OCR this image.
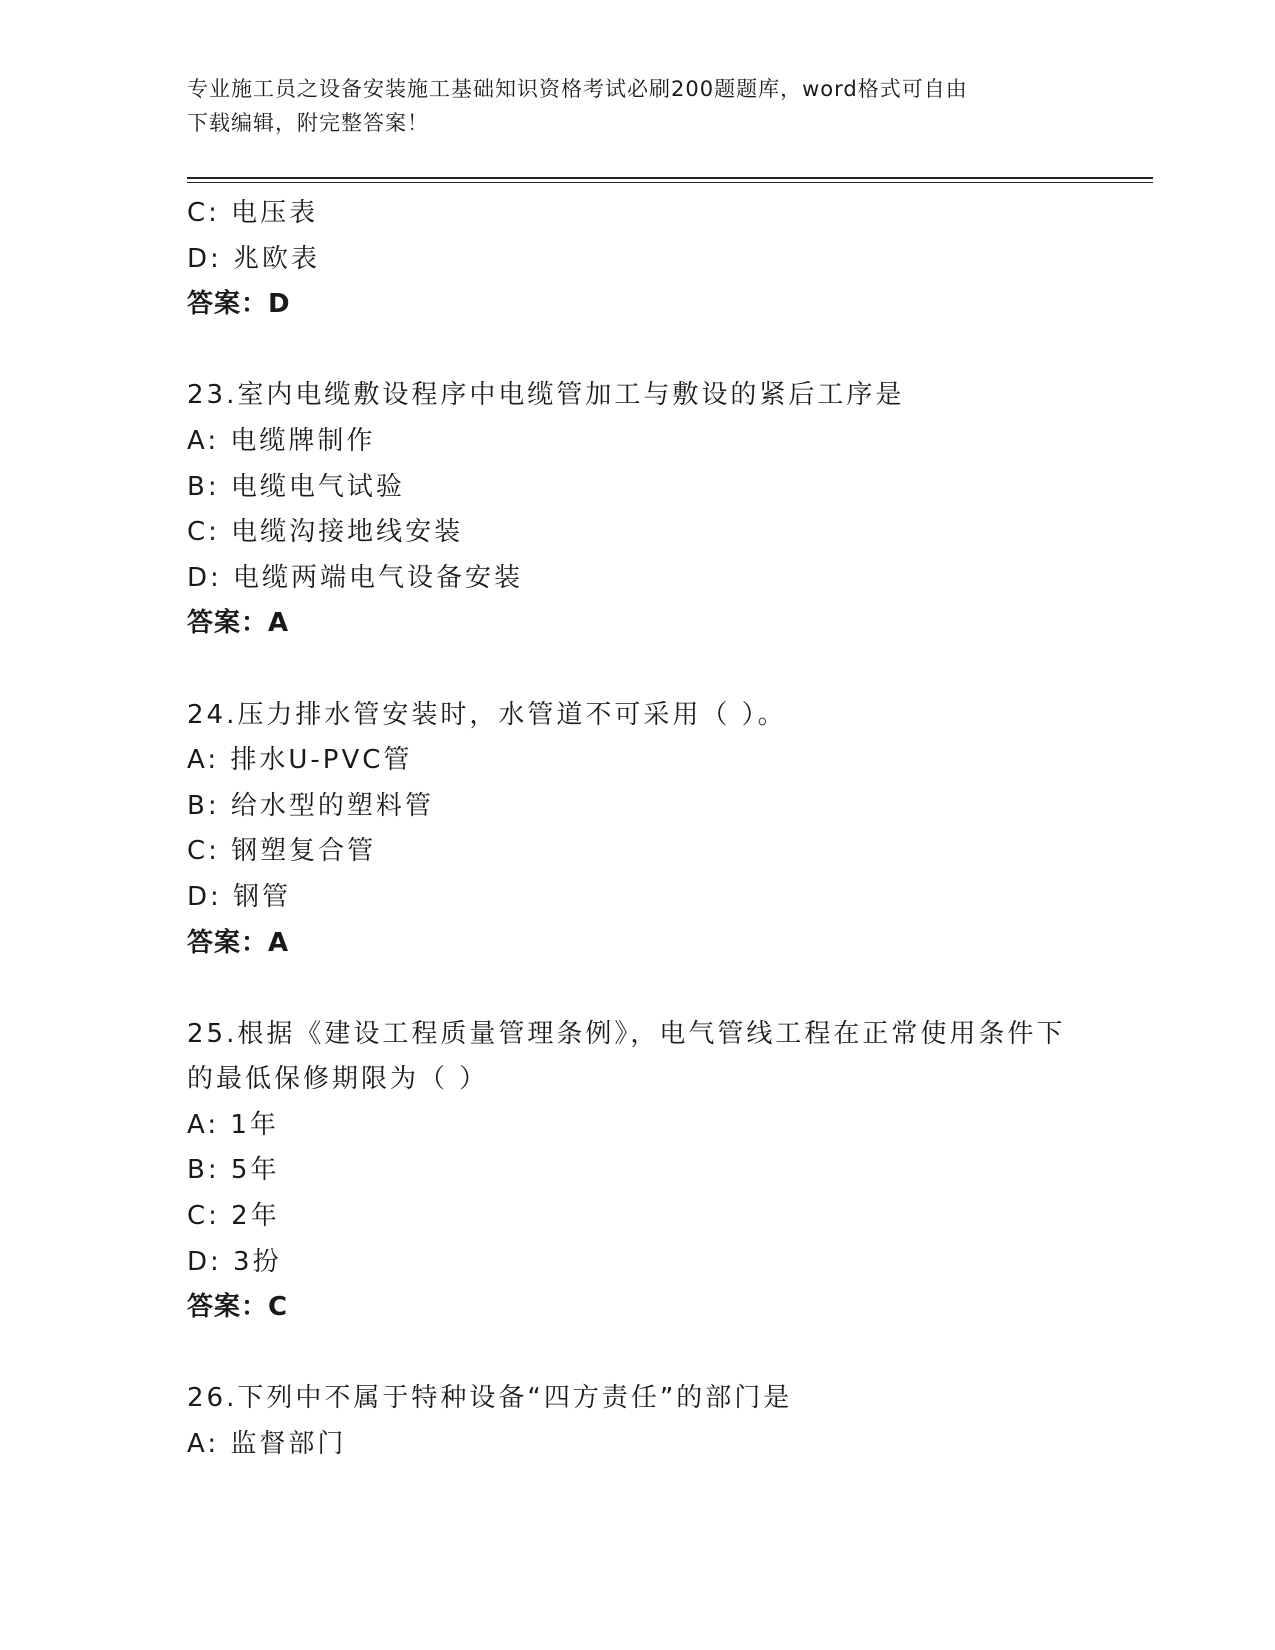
专业施工员之设备安装施工基础知识资格考试必刷200题题库，word格式可自由
下载编辑，附完整答案！
C: 电压表
D: 兆欧表
答案：D
23.室内电缆敷设程序中电缆管加工与敷设的紧后工序是
A: 电缆牌制作
B: 电缆电气试验
C: 电缆沟接地线安装
D: 电缆两端电气设备安装
答案：A
24.压力排水管安装时，水管道不可采用（ ）。
A: 排水U-PVC管
B: 给水型的塑料管
C: 钢塑复合管
D: 钢管
答案：A
25.根据《建设工程质量管理条例》，电气管线工程在正常使用条件下
的最低保修期限为（ ）
A: 1年
B: 5年
C: 2年
D: 3扮
答案：C
26.下列中不属于特种设备“四方责任”的部门是
A: 监督部门
